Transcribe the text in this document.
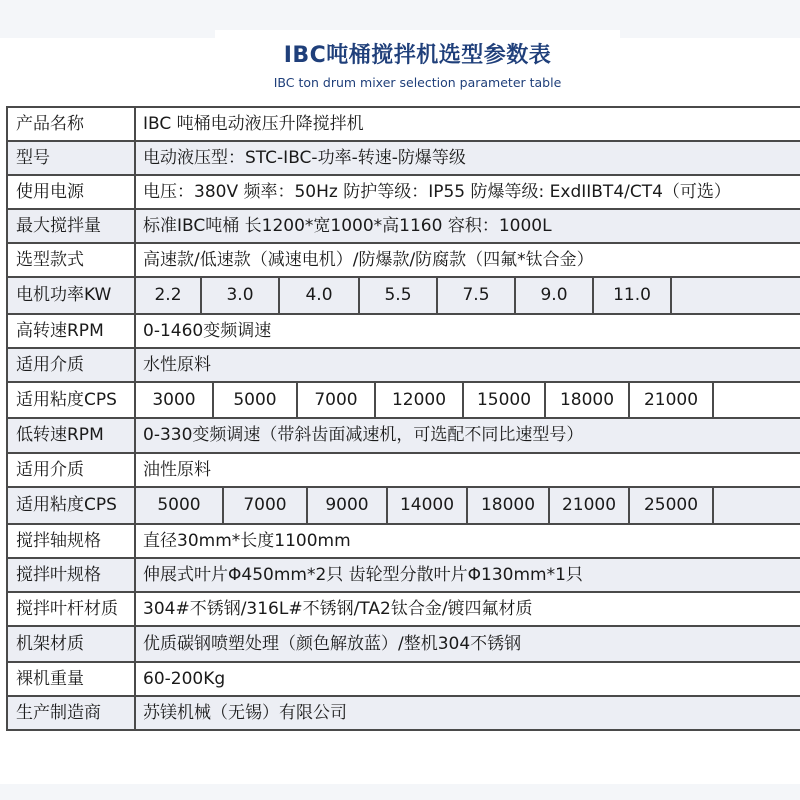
IBC吨桶搅拌机选型参数表
IBC ton drum mixer selection parameter table
产品名称	IBC 吨桶电动液压升降搅拌机
型号	电动液压型：STC-IBC-功率-转速-防爆等级
使用电源	电压：380V 频率：50Hz 防护等级：IP55 防爆等级: ExdIIBT4/CT4（可选）
最大搅拌量	标准IBC吨桶 长1200*宽1000*高1160 容积：1000L
选型款式	高速款/低速款（减速电机）/防爆款/防腐款（四氟*钛合金）
电机功率KW	2.2	3.0	4.0	5.5	7.5	9.0	11.0
高转速RPM	0-1460变频调速
适用介质	水性原料
适用粘度CPS	3000	5000	7000	12000	15000	18000	21000
低转速RPM	0-330变频调速（带斜齿面减速机，可选配不同比速型号）
适用介质	油性原料
适用粘度CPS	5000	7000	9000	14000	18000	21000	25000
搅拌轴规格	直径30mm*长度1100mm
搅拌叶规格	伸展式叶片Φ450mm*2只 齿轮型分散叶片Φ130mm*1只
搅拌叶杆材质	304#不锈钢/316L#不锈钢/TA2钛合金/镀四氟材质
机架材质	优质碳钢喷塑处理（颜色解放蓝）/整机304不锈钢
裸机重量	60-200Kg
生产制造商	苏镁机械（无锡）有限公司
